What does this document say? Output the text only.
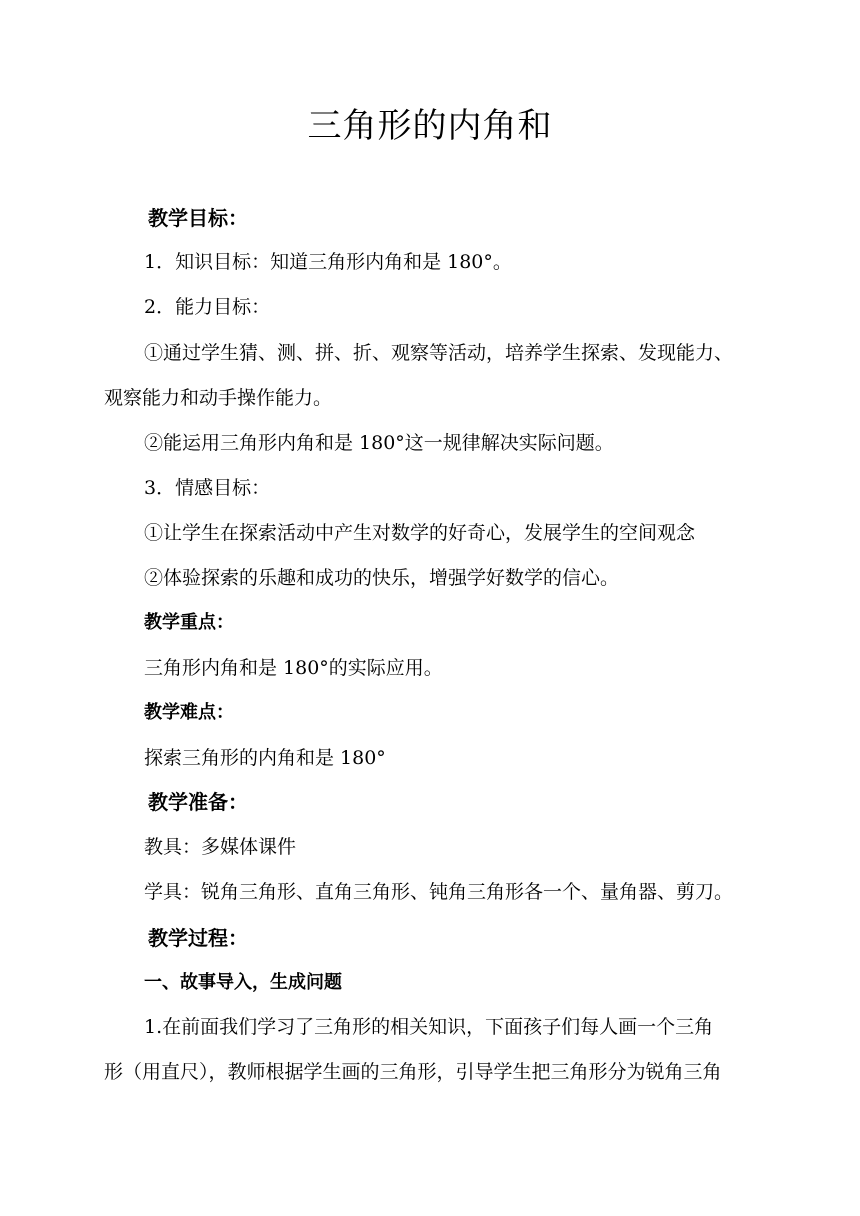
三角形的内角和

教学目标：

1．知识目标：知道三角形内角和是 180°。

2．能力目标：

①通过学生猜、测、拼、折、观察等活动，培养学生探索、发现能力、

观察能力和动手操作能力。

②能运用三角形内角和是 180°这一规律解决实际问题。

3．情感目标：

①让学生在探索活动中产生对数学的好奇心，发展学生的空间观念

②体验探索的乐趣和成功的快乐，增强学好数学的信心。

教学重点：

三角形内角和是 180°的实际应用。

教学难点：

探索三角形的内角和是 180°

教学准备：

教具：多媒体课件

学具：锐角三角形、直角三角形、钝角三角形各一个、量角器、剪刀。

教学过程：

一、故事导入，生成问题

1.在前面我们学习了三角形的相关知识，下面孩子们每人画一个三角

形（用直尺），教师根据学生画的三角形，引导学生把三角形分为锐角三角
